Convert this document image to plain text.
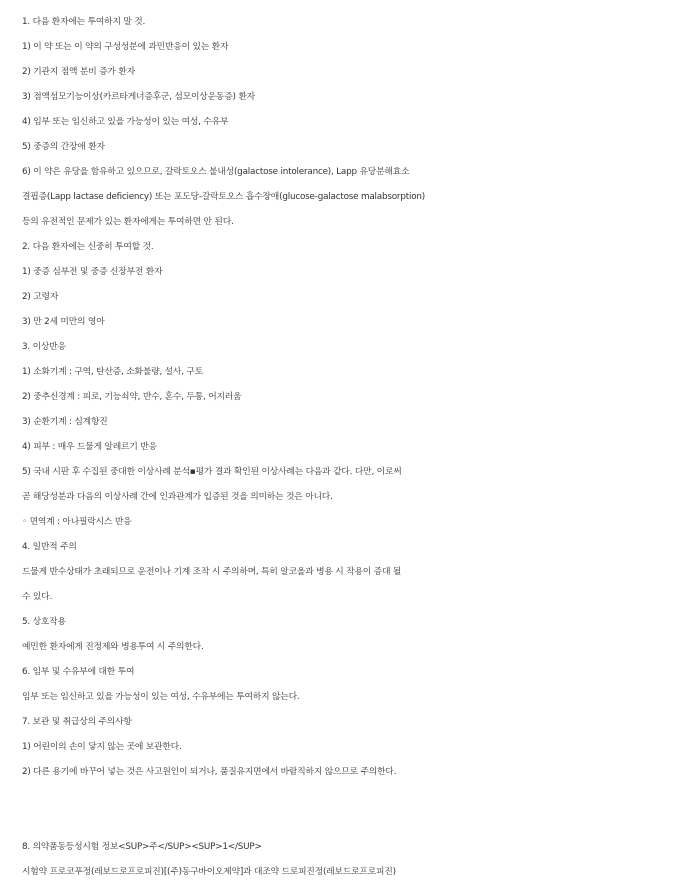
1. 다음 환자에는 투여하지 말 것.
1) 이 약 또는 이 약의 구성성분에 과민반응이 있는 환자
2) 기관지 점액 분비 증가 환자
3) 점액섬모기능이상(카르타게너증후군, 섬모이상운동증) 환자
4) 임부 또는 임신하고 있을 가능성이 있는 여성, 수유부
5) 중증의 간장애 환자
6) 이 약은 유당을 함유하고 있으므로, 갈락토오스 불내성(galactose intolerance), Lapp 유당분해효소
결핍증(Lapp lactase deficiency) 또는 포도당-갈락토오스 흡수장애(glucose-galactose malabsorption)
등의 유전적인 문제가 있는 환자에게는 투여하면 안 된다.
2. 다음 환자에는 신중히 투여할 것.
1) 중증 심부전 및 중증 신장부전 환자
2) 고령자
3) 만 2세 미만의 영아
3. 이상반응
1) 소화기계 : 구역, 탄산증, 소화불량, 설사, 구토
2) 중추신경계 : 피로, 기능쇠약, 반수, 혼수, 두통, 어지러움
3) 순환기계 : 심계항진
4) 피부 : 매우 드물게 알레르기 반응
5) 국내 시판 후 수집된 중대한 이상사례 분석▪평가 결과 확인된 이상사례는 다음과 같다. 다만, 이로써
곧 해당성분과 다음의 이상사례 간에 인과관계가 입증된 것을 의미하는 것은 아니다.
◦ 면역계 : 아나필락시스 반응
4. 일반적 주의
드물게 반수상태가 초래되므로 운전이나 기계 조작 시 주의하며, 특히 알코올과 병용 시 작용이 증대 될
수 있다.
5. 상호작용
예민한 환자에게 진정제와 병용투여 시 주의한다.
6. 임부 및 수유부에 대한 투여
임부 또는 임신하고 있을 가능성이 있는 여성, 수유부에는 투여하지 않는다.
7. 보관 및 취급상의 주의사항
1) 어린이의 손이 닿지 않는 곳에 보관한다.
2) 다른 용기에 바꾸어 넣는 것은 사고원인이 되거나, 품질유지면에서 바람직하지 않으므로 주의한다.
8. 의약품동등성시험 정보<SUP>주</SUP><SUP>1</SUP>
시험약 프로코푸정(레보드로프로피진)[(주)동구바이오제약]과 대조약 드로피진정(레보드로프로피진)
